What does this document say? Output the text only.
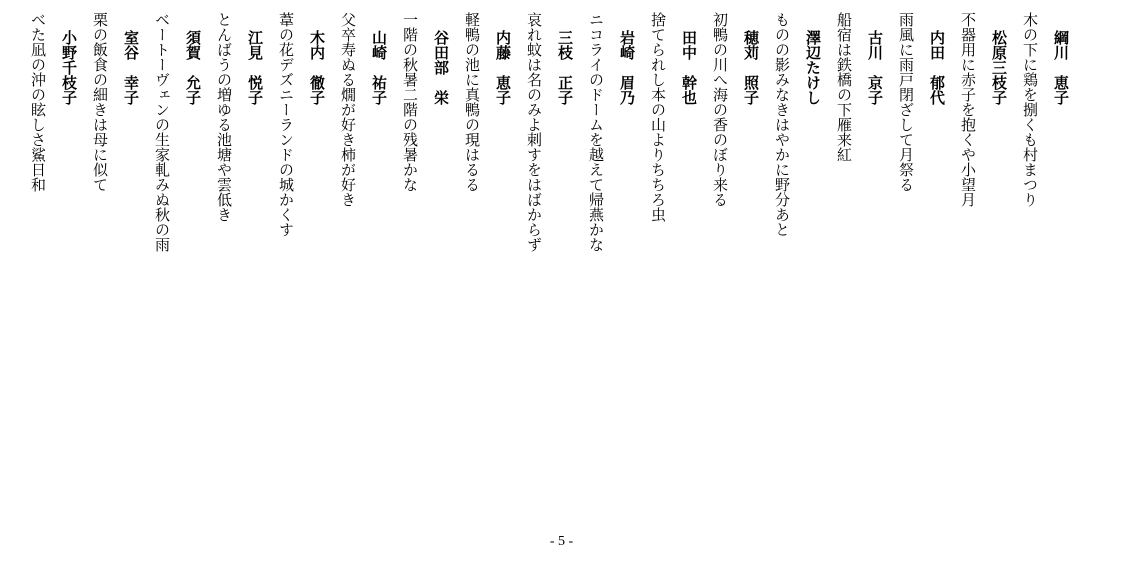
綱川　恵子
木の下に鶏を捌くも村まつり
松原三枝子
不器用に赤子を抱くや小望月
内田　郁代
雨風に雨戸閉ざして月祭る
古川　京子
船宿は鉄橋の下雁来紅
澤辺たけし
ものの影みなきはやかに野分あと
穂苅　照子
初鴨の川へ海の香のぼり来る
田中　幹也
捨てられし本の山よりちちろ虫
岩崎　眉乃
ニコライのドームを越えて帰燕かな
三枝　正子
哀れ蚊は名のみよ刺すをはばからず
内藤　恵子
軽鴨の池に真鴨の現はるる
谷田部　栄
一階の秋暑二階の残暑かな
山崎　祐子
父卒寿ぬる燗が好き柿が好き
木内　徹子
葦の花デズニーランドの城かくす
江見　悦子
とんばうの増ゆる池塘や雲低き
須賀　允子
ベートーヴェンの生家軋みぬ秋の雨
室谷　幸子
栗の飯食の細きは母に似て
小野千枝子
べた凪の沖の眩しさ鯊日和
- 5 -
